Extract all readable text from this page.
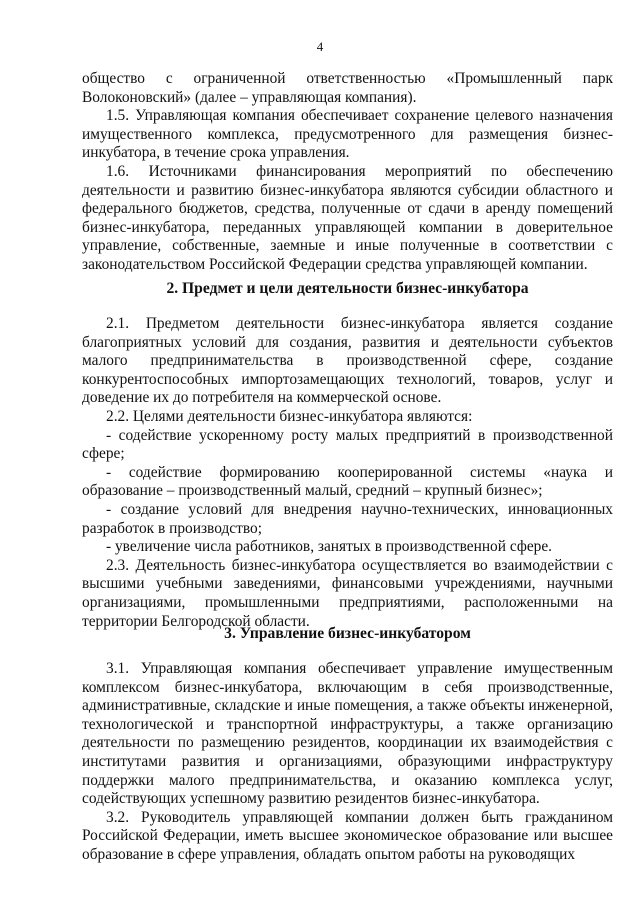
4

общество с ограниченной ответственностью «Промышленный парк Волоконовский» (далее – управляющая компания).

1.5. Управляющая компания обеспечивает сохранение целевого назначения имущественного комплекса, предусмотренного для размещения бизнес-инкубатора, в течение срока управления.

1.6. Источниками финансирования мероприятий по обеспечению деятельности и развитию бизнес-инкубатора являются субсидии областного и федерального бюджетов, средства, полученные от сдачи в аренду помещений бизнес-инкубатора, переданных управляющей компании в доверительное управление, собственные, заемные и иные полученные в соответствии с законодательством Российской Федерации средства управляющей компании.

2. Предмет и цели деятельности бизнес-инкубатора

2.1. Предметом деятельности бизнес-инкубатора является создание благоприятных условий для создания, развития и деятельности субъектов малого предпринимательства в производственной сфере, создание конкурентоспособных импортозамещающих технологий, товаров, услуг и доведение их до потребителя на коммерческой основе.

2.2. Целями деятельности бизнес-инкубатора являются:

- содействие ускоренному росту малых предприятий в производственной сфере;

- содействие формированию кооперированной системы «наука и образование – производственный малый, средний – крупный бизнес»;

- создание условий для внедрения научно-технических, инновационных разработок в производство;

- увеличение числа работников, занятых в производственной сфере.

2.3. Деятельность бизнес-инкубатора осуществляется во взаимодействии с высшими учебными заведениями, финансовыми учреждениями, научными организациями, промышленными предприятиями, расположенными на территории Белгородской области.

3. Управление бизнес-инкубатором

3.1. Управляющая компания обеспечивает управление имущественным комплексом бизнес-инкубатора, включающим в себя производственные, административные, складские и иные помещения, а также объекты инженерной, технологической и транспортной инфраструктуры, а также организацию деятельности по размещению резидентов, координации их взаимодействия с институтами развития и организациями, образующими инфраструктуру поддержки малого предпринимательства, и оказанию комплекса услуг, содействующих успешному развитию резидентов бизнес-инкубатора.

3.2. Руководитель управляющей компании должен быть гражданином Российской Федерации, иметь высшее экономическое образование или высшее образование в сфере управления, обладать опытом работы на руководящих
